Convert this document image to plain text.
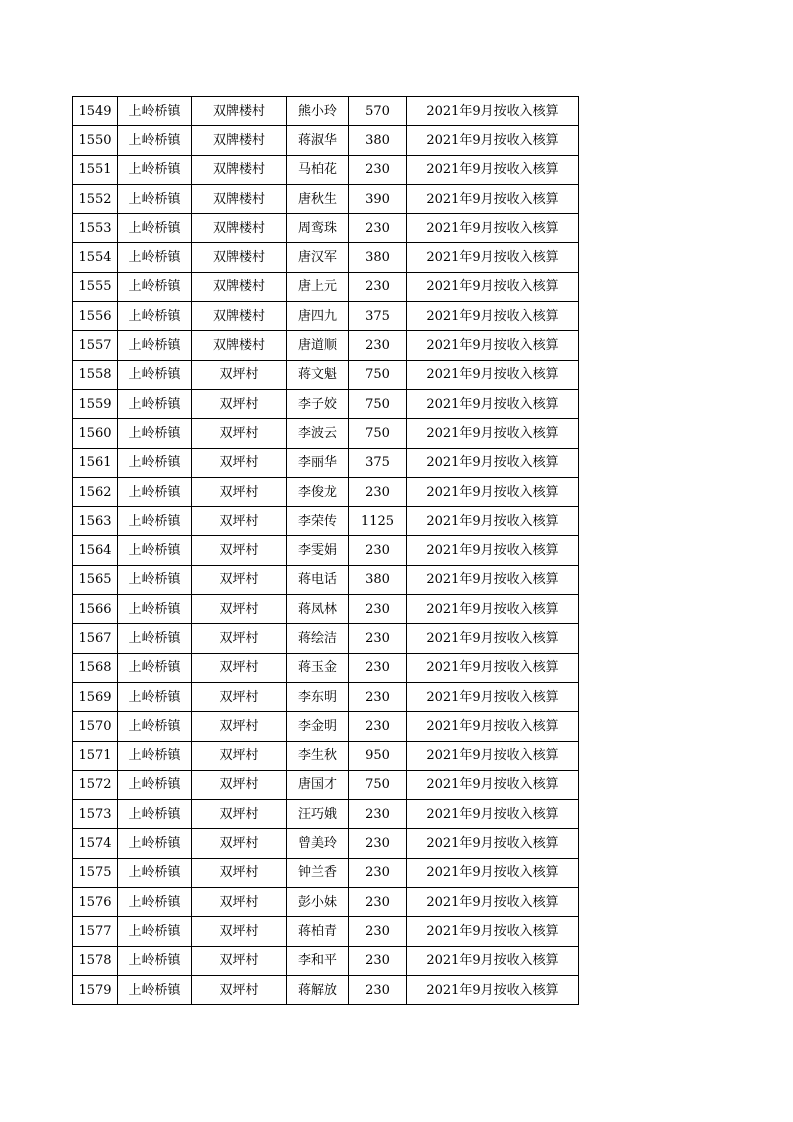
1549	上岭桥镇	双牌楼村	熊小玲	570	2021年9月按收入核算
1550	上岭桥镇	双牌楼村	蒋淑华	380	2021年9月按收入核算
1551	上岭桥镇	双牌楼村	马柏花	230	2021年9月按收入核算
1552	上岭桥镇	双牌楼村	唐秋生	390	2021年9月按收入核算
1553	上岭桥镇	双牌楼村	周鸾珠	230	2021年9月按收入核算
1554	上岭桥镇	双牌楼村	唐汉军	380	2021年9月按收入核算
1555	上岭桥镇	双牌楼村	唐上元	230	2021年9月按收入核算
1556	上岭桥镇	双牌楼村	唐四九	375	2021年9月按收入核算
1557	上岭桥镇	双牌楼村	唐道顺	230	2021年9月按收入核算
1558	上岭桥镇	双坪村	蒋文魁	750	2021年9月按收入核算
1559	上岭桥镇	双坪村	李子姣	750	2021年9月按收入核算
1560	上岭桥镇	双坪村	李波云	750	2021年9月按收入核算
1561	上岭桥镇	双坪村	李丽华	375	2021年9月按收入核算
1562	上岭桥镇	双坪村	李俊龙	230	2021年9月按收入核算
1563	上岭桥镇	双坪村	李荣传	1125	2021年9月按收入核算
1564	上岭桥镇	双坪村	李雯娟	230	2021年9月按收入核算
1565	上岭桥镇	双坪村	蒋电话	380	2021年9月按收入核算
1566	上岭桥镇	双坪村	蒋凤林	230	2021年9月按收入核算
1567	上岭桥镇	双坪村	蒋绘洁	230	2021年9月按收入核算
1568	上岭桥镇	双坪村	蒋玉金	230	2021年9月按收入核算
1569	上岭桥镇	双坪村	李东明	230	2021年9月按收入核算
1570	上岭桥镇	双坪村	李金明	230	2021年9月按收入核算
1571	上岭桥镇	双坪村	李生秋	950	2021年9月按收入核算
1572	上岭桥镇	双坪村	唐国才	750	2021年9月按收入核算
1573	上岭桥镇	双坪村	汪巧娥	230	2021年9月按收入核算
1574	上岭桥镇	双坪村	曾美玲	230	2021年9月按收入核算
1575	上岭桥镇	双坪村	钟兰香	230	2021年9月按收入核算
1576	上岭桥镇	双坪村	彭小妹	230	2021年9月按收入核算
1577	上岭桥镇	双坪村	蒋柏青	230	2021年9月按收入核算
1578	上岭桥镇	双坪村	李和平	230	2021年9月按收入核算
1579	上岭桥镇	双坪村	蒋解放	230	2021年9月按收入核算
